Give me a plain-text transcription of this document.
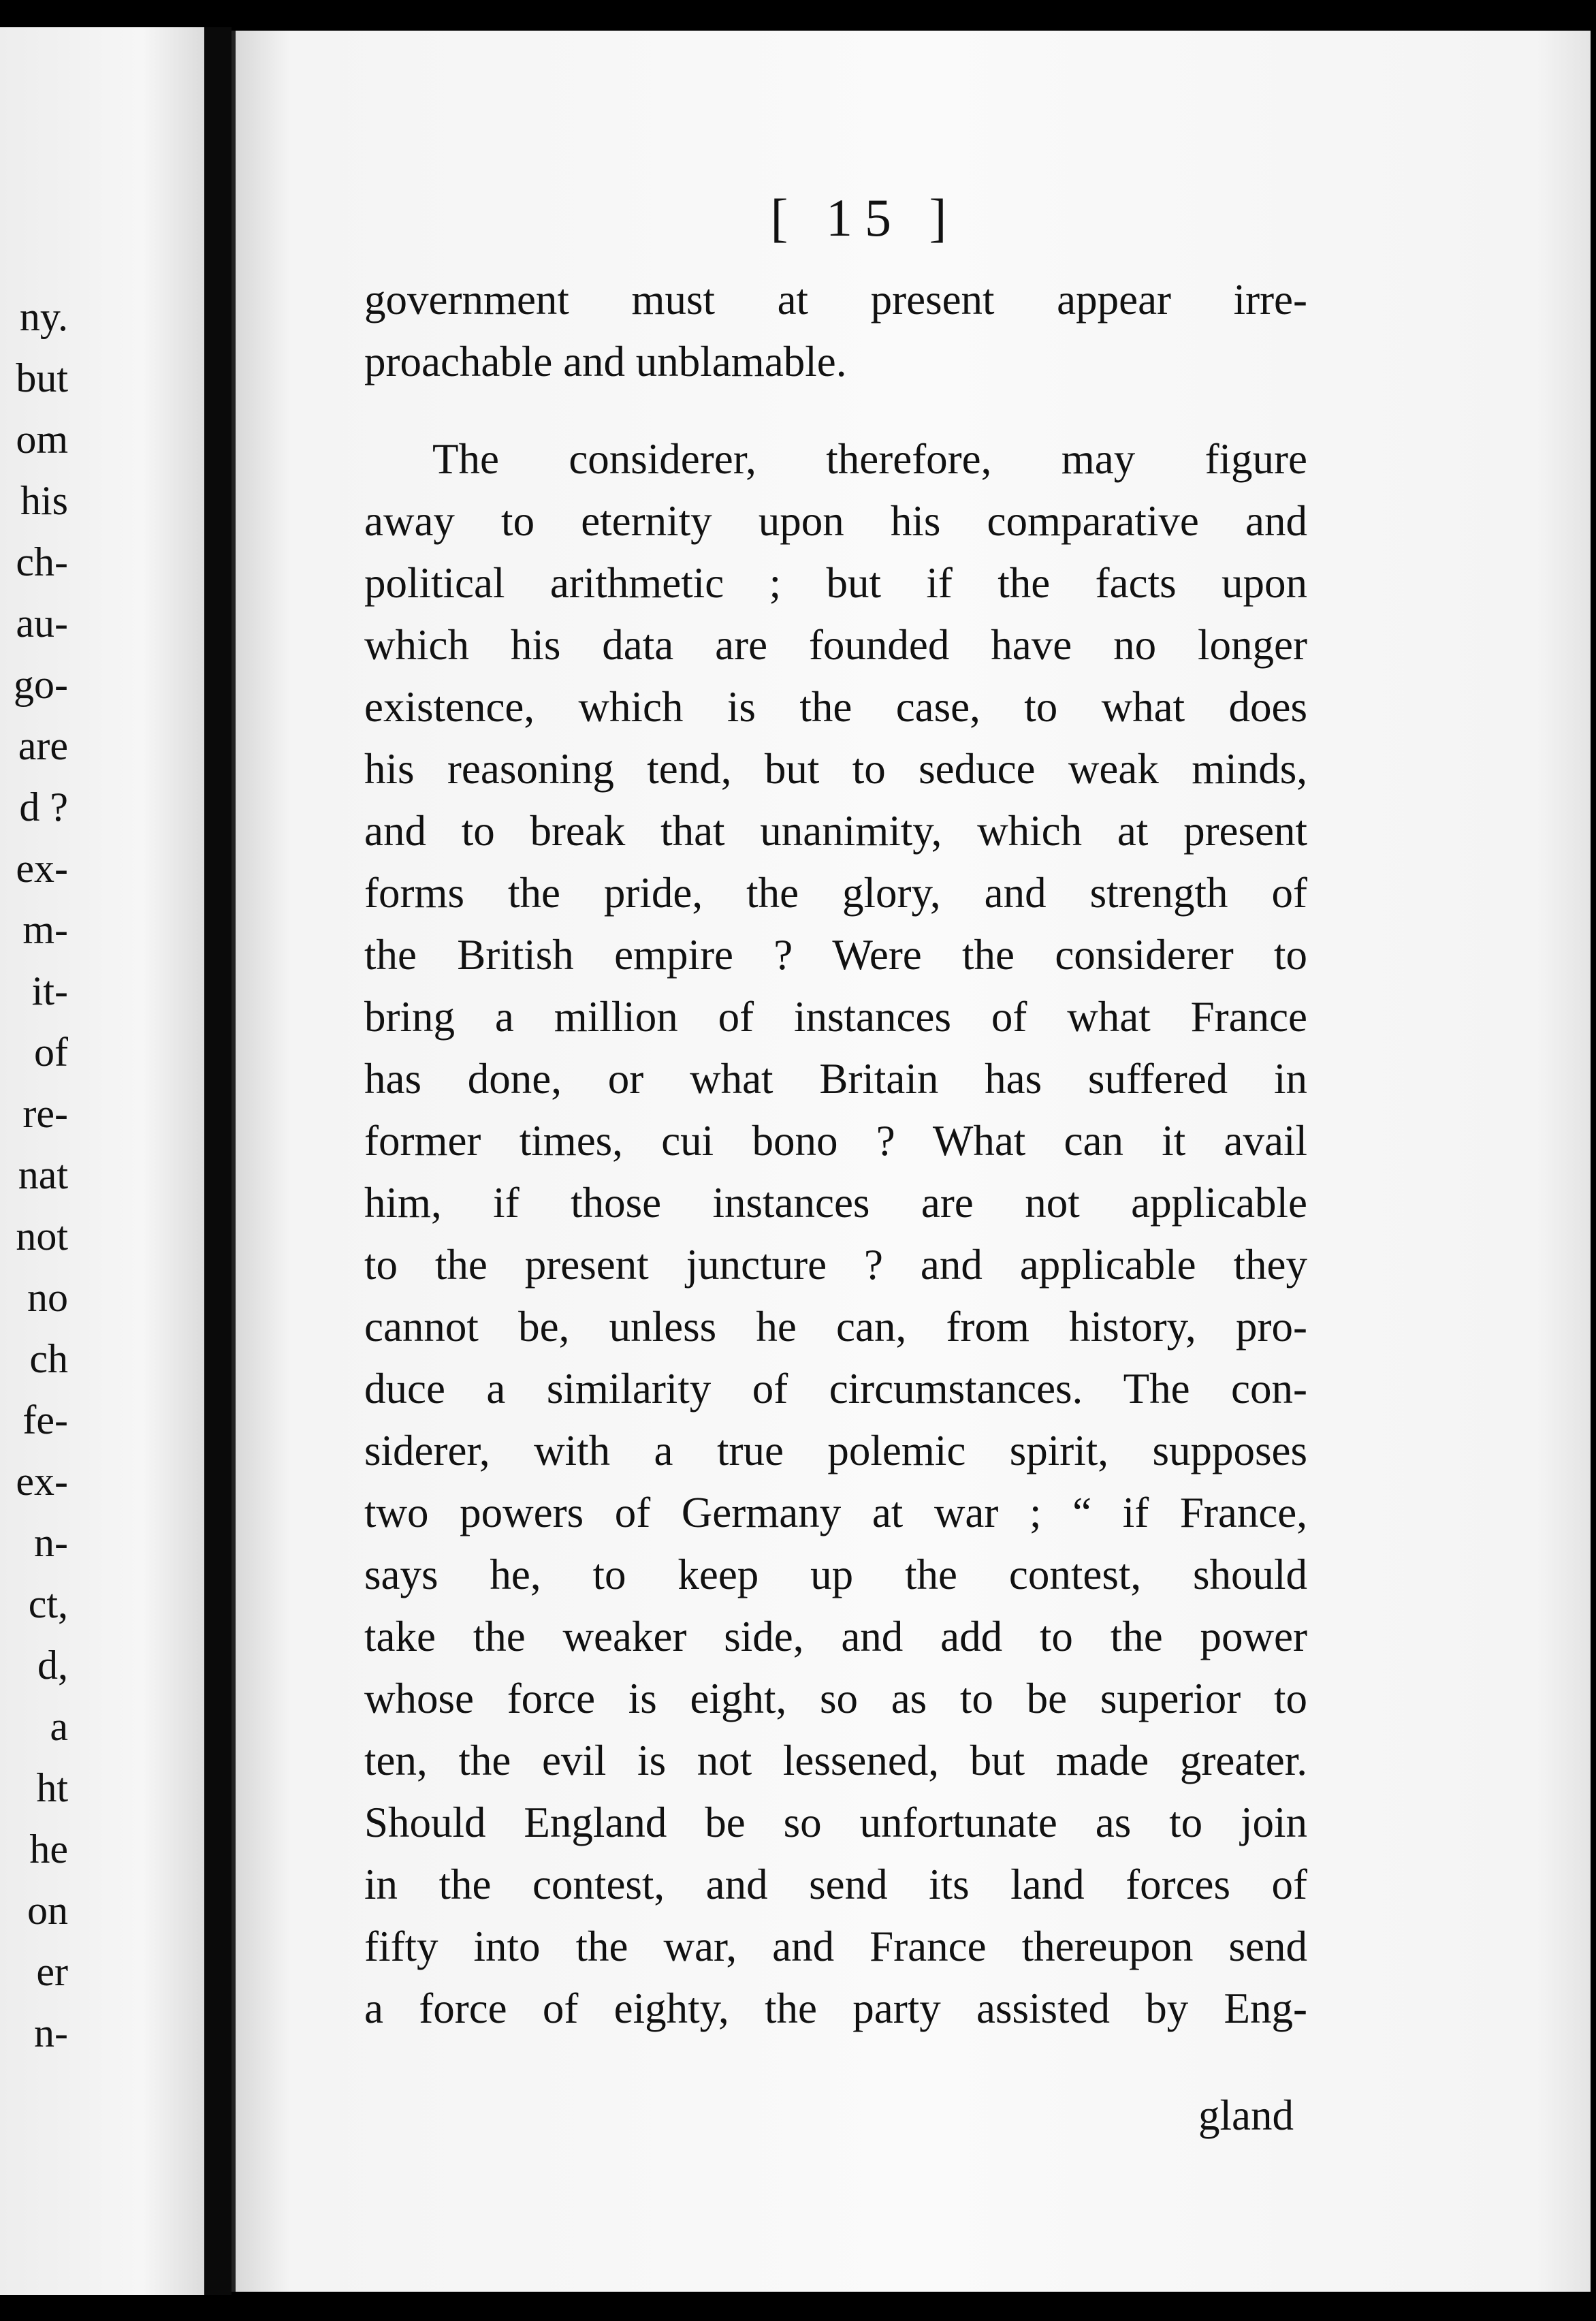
ny.
but
om
his
ch-
au-
go-
are
d ?
ex-
m-
it-
of
re-
nat
not
no
ch
fe-
ex-
n-
ct,
d,
a
ht
he
on
er
n-
[ 15 ]
government must at present appear irre-
proachable and unblamable.
The considerer, therefore, may figure
away to eternity upon his comparative and
political arithmetic ; but if the facts upon
which his data are founded have no longer
existence, which is the case, to what does
his reasoning tend, but to seduce weak minds,
and to break that unanimity, which at present
forms the pride, the glory, and strength of
the British empire ? Were the considerer to
bring a million of instances of what France
has done, or what Britain has suffered in
former times, cui bono ? What can it avail
him, if those instances are not applicable
to the present juncture ? and applicable they
cannot be, unless he can, from history, pro-
duce a similarity of circumstances. The con-
siderer, with a true polemic spirit, supposes
two powers of Germany at war ; “ if France,
says he, to keep up the contest, should
take the weaker side, and add to the power
whose force is eight, so as to be superior to
ten, the evil is not lessened, but made greater.
Should England be so unfortunate as to join
in the contest, and send its land forces of
fifty into the war, and France thereupon send
a force of eighty, the party assisted by Eng-
gland
